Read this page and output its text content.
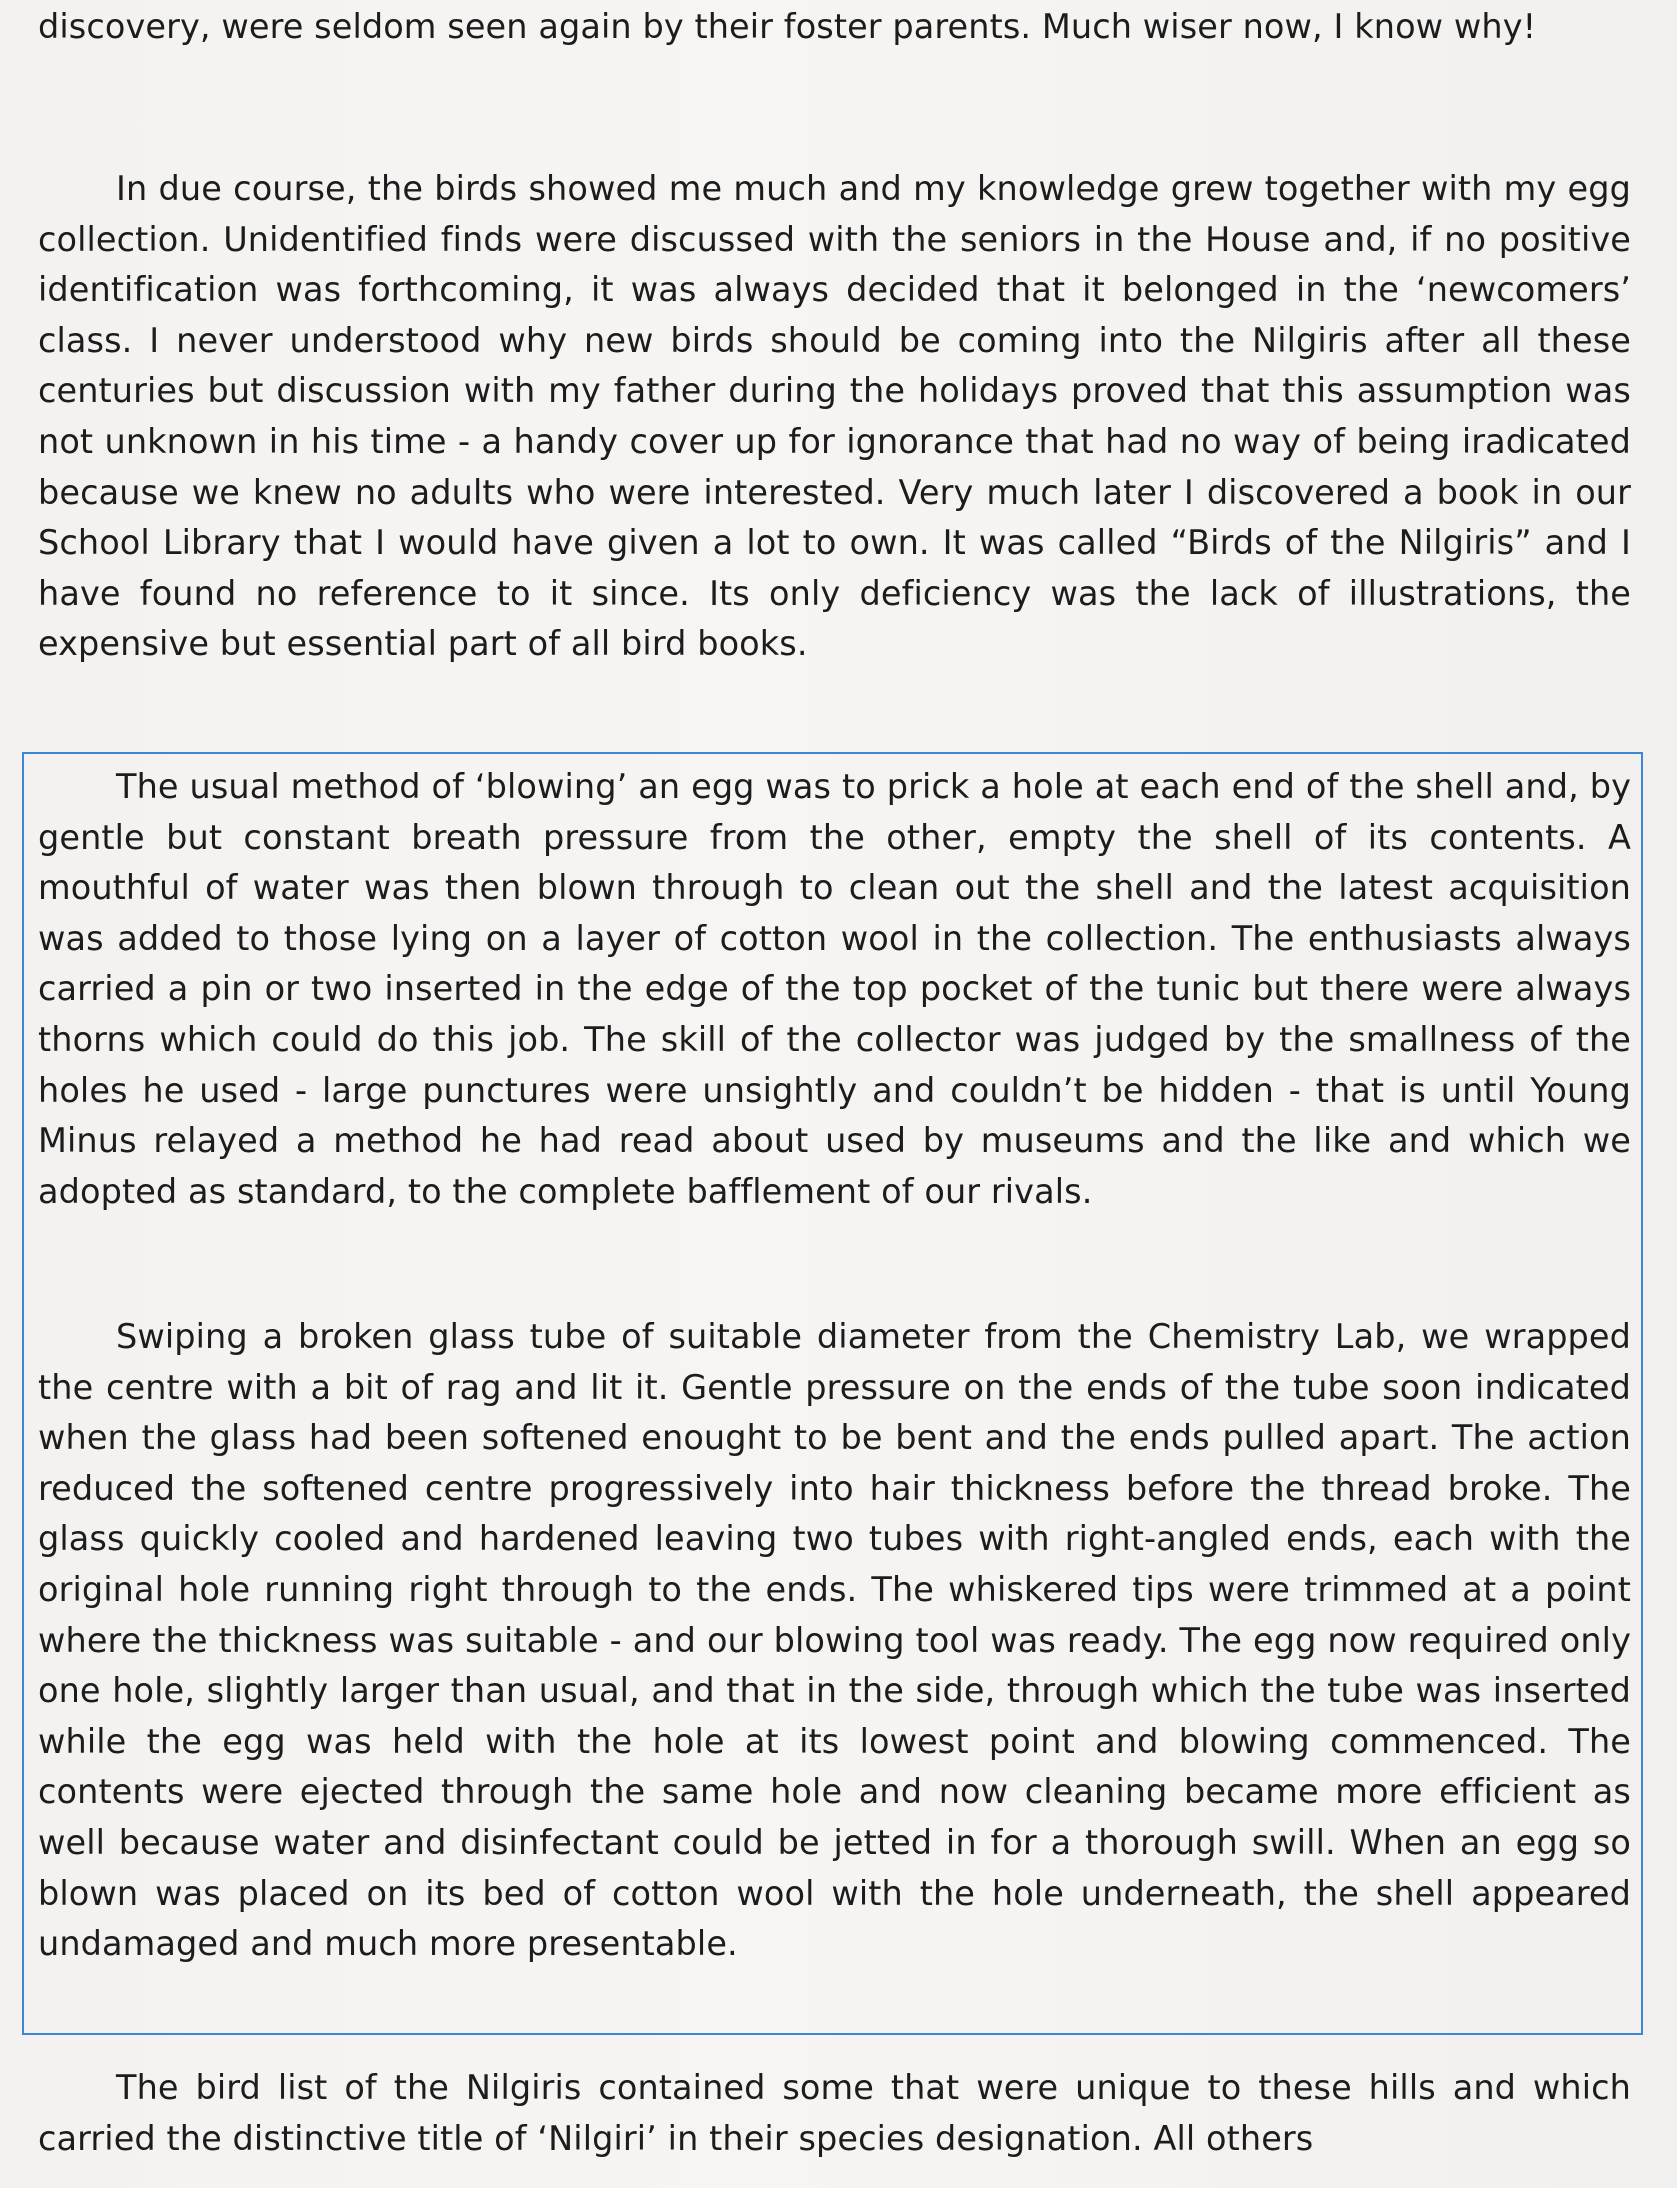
discovery, were seldom seen again by their foster parents. Much wiser now, I know why!

In due course, the birds showed me much and my knowledge grew together with my egg collection. Unidentified finds were discussed with the seniors in the House and, if no positive identification was forthcoming, it was always decided that it belonged in the ‘newcomers’ class. I never understood why new birds should be coming into the Nilgiris after all these centuries but discussion with my father during the holidays proved that this assumption was not unknown in his time - a handy cover up for ignorance that had no way of being iradicated because we knew no adults who were interested. Very much later I discovered a book in our School Library that I would have given a lot to own. It was called “Birds of the Nilgiris” and I have found no reference to it since. Its only deficiency was the lack of illustrations, the expensive but essential part of all bird books.

The usual method of ‘blowing’ an egg was to prick a hole at each end of the shell and, by gentle but constant breath pressure from the other, empty the shell of its contents. A mouthful of water was then blown through to clean out the shell and the latest acquisition was added to those lying on a layer of cotton wool in the collection. The enthusiasts always carried a pin or two inserted in the edge of the top pocket of the tunic but there were always thorns which could do this job. The skill of the collector was judged by the smallness of the holes he used - large punctures were unsightly and couldn’t be hidden - that is until Young Minus relayed a method he had read about used by museums and the like and which we adopted as standard, to the complete bafflement of our rivals.

Swiping a broken glass tube of suitable diameter from the Chemistry Lab, we wrapped the centre with a bit of rag and lit it. Gentle pressure on the ends of the tube soon indicated when the glass had been softened enought to be bent and the ends pulled apart. The action reduced the softened centre progressively into hair thickness before the thread broke. The glass quickly cooled and hardened leaving two tubes with right-angled ends, each with the original hole running right through to the ends. The whiskered tips were trimmed at a point where the thickness was suitable - and our blowing tool was ready. The egg now required only one hole, slightly larger than usual, and that in the side, through which the tube was inserted while the egg was held with the hole at its lowest point and blowing commenced. The contents were ejected through the same hole and now cleaning became more efficient as well because water and disinfectant could be jetted in for a thorough swill. When an egg so blown was placed on its bed of cotton wool with the hole underneath, the shell appeared undamaged and much more presentable.

The bird list of the Nilgiris contained some that were unique to these hills and which carried the distinctive title of ‘Nilgiri’ in their species designation. All others
